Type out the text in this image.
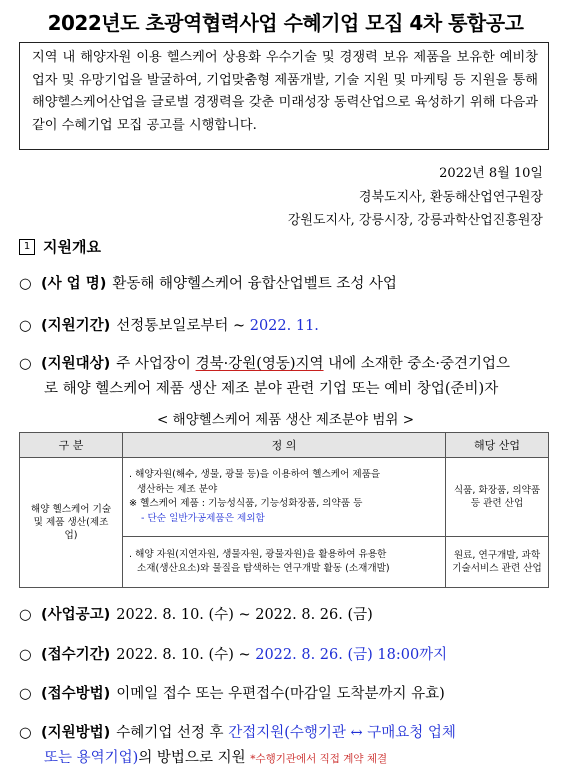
2022년도 초광역협력사업 수혜기업 모집 4차 통합공고
지역 내 해양자원 이용 헬스케어 상용화 우수기술 및 경쟁력 보유 제품을 보유한 예비창업자 및 유망기업을 발굴하여, 기업맞춤형 제품개발, 기술 지원 및 마케팅 등 지원을 통해 해양헬스케어산업을 글로벌 경쟁력을 갖춘 미래성장 동력산업으로 육성하기 위해 다음과 같이 수혜기업 모집 공고를 시행합니다.
2022년 8월 10일
경북도지사, 환동해산업연구원장
강원도지사, 강릉시장, 강릉과학산업진흥원장
1 지원개요
○ (사 업 명) 환동해 해양헬스케어 융합산업벨트 조성 사업
○ (지원기간) 선정통보일로부터 ~ 2022. 11.
○ (지원대상) 주 사업장이 경북·강원(영동)지역 내에 소재한 중소·중견기업으
로 해양 헬스케어 제품 생산 제조 분야 관련 기업 또는 예비 창업(준비)자
< 해양헬스케어 제품 생산 제조분야 범위 >
구 분	정 의	해당 산업
해양 헬스케어 기술 및 제품 생산(제조업)	. 해양자원(해수, 생물, 광물 등)을 이용하여 헬스케어 제품을
생산하는 제조 분야
※ 헬스케어 제품 : 기능성식품, 기능성화장품, 의약품 등
- 단순 일반가공제품은 제외함	식품, 화장품, 의약품 등 관련 산업

	. 해양 자원(지연자원, 생물자원, 광물자원)을 활용하여 유용한
소재(생산요소)와 물질을 탐색하는 연구개발 활동 (소재개발)	원료, 연구개발, 과학기술서비스 관련 산업
○ (사업공고) 2022. 8. 10. (수) ~ 2022. 8. 26. (금)
○ (접수기간) 2022. 8. 10. (수) ~ 2022. 8. 26. (금) 18:00까지
○ (접수방법) 이메일 접수 또는 우편접수(마감일 도착분까지 유효)
○ (지원방법) 수혜기업 선정 후 간접지원(수행기관 ↔ 구매요청 업체
또는 용역기업)의 방법으로 지원 *수행기관에서 직접 계약 체결
